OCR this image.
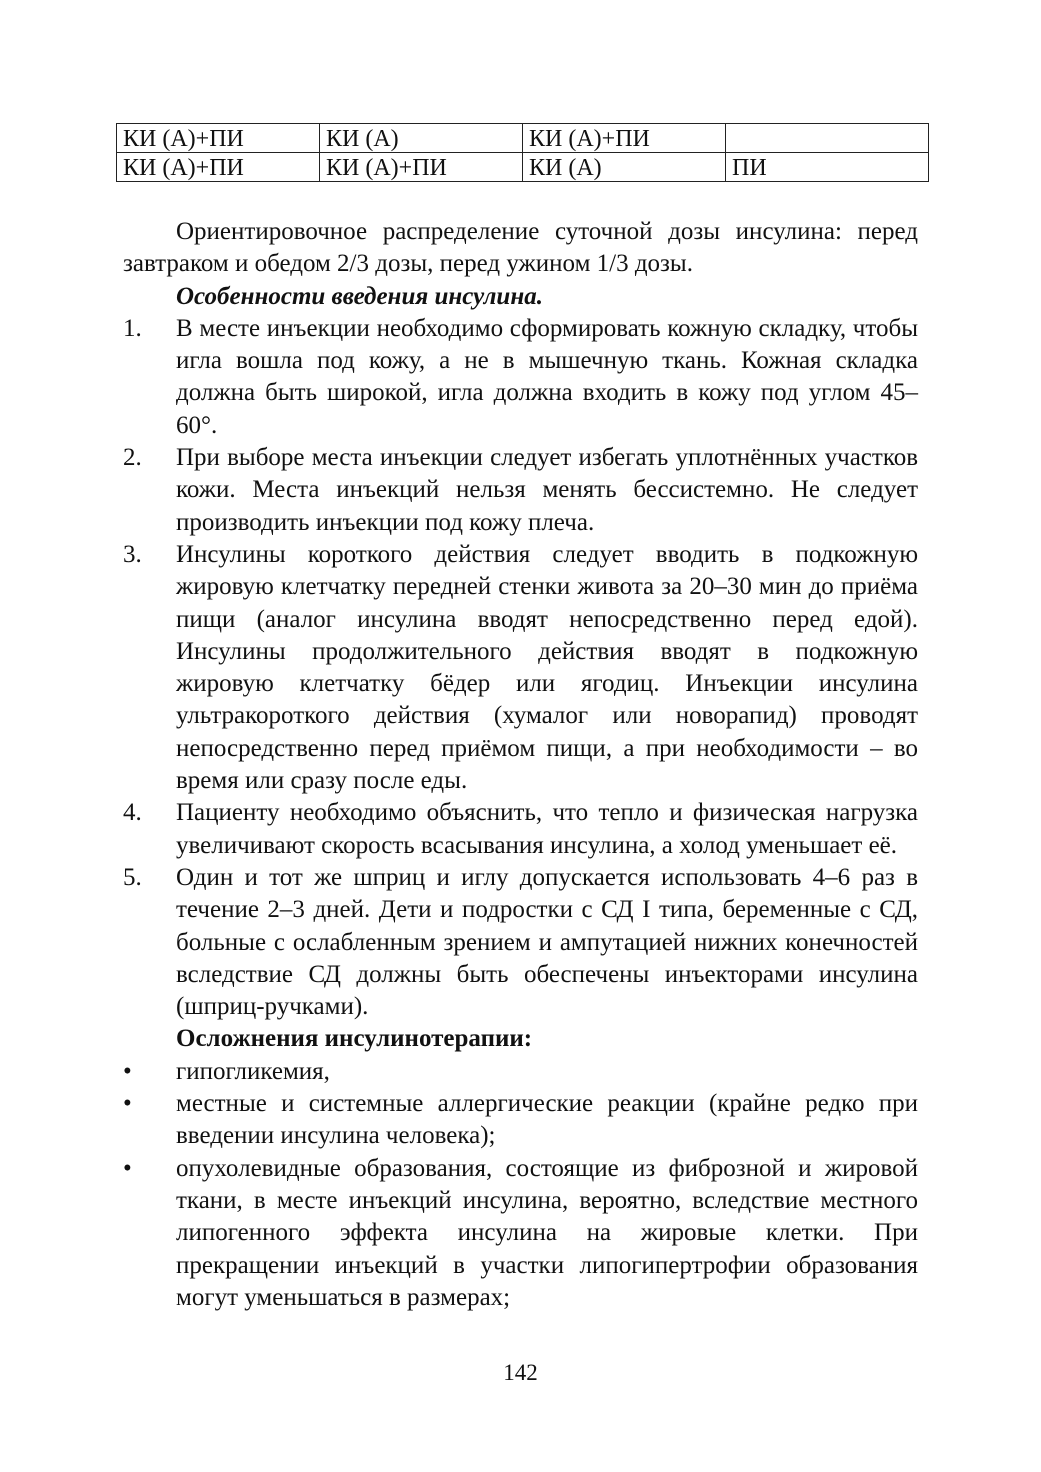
КИ (А)+ПИ	КИ (А)	КИ (А)+ПИ	
КИ (А)+ПИ	КИ (А)+ПИ	КИ (А)	ПИ

Ориентировочное распределение суточной дозы инсулина: перед завтраком и обедом 2/3 дозы, перед ужином 1/3 дозы.

Особенности введения инсулина.

1.	В месте инъекции необходимо сформировать кожную складку, чтобы игла вошла под кожу, а не в мышечную ткань. Кожная складка должна быть широкой, игла должна входить в кожу под углом 45–60°.
2.	При выборе места инъекции следует избегать уплотнённых участков кожи. Места инъекций нельзя менять бессистемно. Не следует производить инъекции под кожу плеча.
3.	Инсулины короткого действия следует вводить в подкожную жировую клетчатку передней стенки живота за 20–30 мин до приёма пищи (аналог инсулина вводят непосредственно перед едой). Инсулины продолжительного действия вводят в подкожную жировую клетчатку бёдер или ягодиц. Инъекции инсулина ультракороткого действия (хумалог или новорапид) проводят непосредственно перед приёмом пищи, а при необходимости – во время или сразу после еды.
4.	Пациенту необходимо объяснить, что тепло и физическая нагрузка увеличивают скорость всасывания инсулина, а холод уменьшает её.
5.	Один и тот же шприц и иглу допускается использовать 4–6 раз в течение 2–3 дней. Дети и подростки с СД I типа, беременные с СД, больные с ослабленным зрением и ампутацией нижних конечностей вследствие СД должны быть обеспечены инъекторами инсулина (шприц-ручками).

Осложнения инсулинотерапии:

•	гипогликемия,
•	местные и системные аллергические реакции (крайне редко при введении инсулина человека);
•	опухолевидные образования, состоящие из фиброзной и жировой ткани, в месте инъекций инсулина, вероятно, вследствие местного липогенного эффекта инсулина на жировые клетки. При прекращении инъекций в участки липогипертрофии образования могут уменьшаться в размерах;
142
